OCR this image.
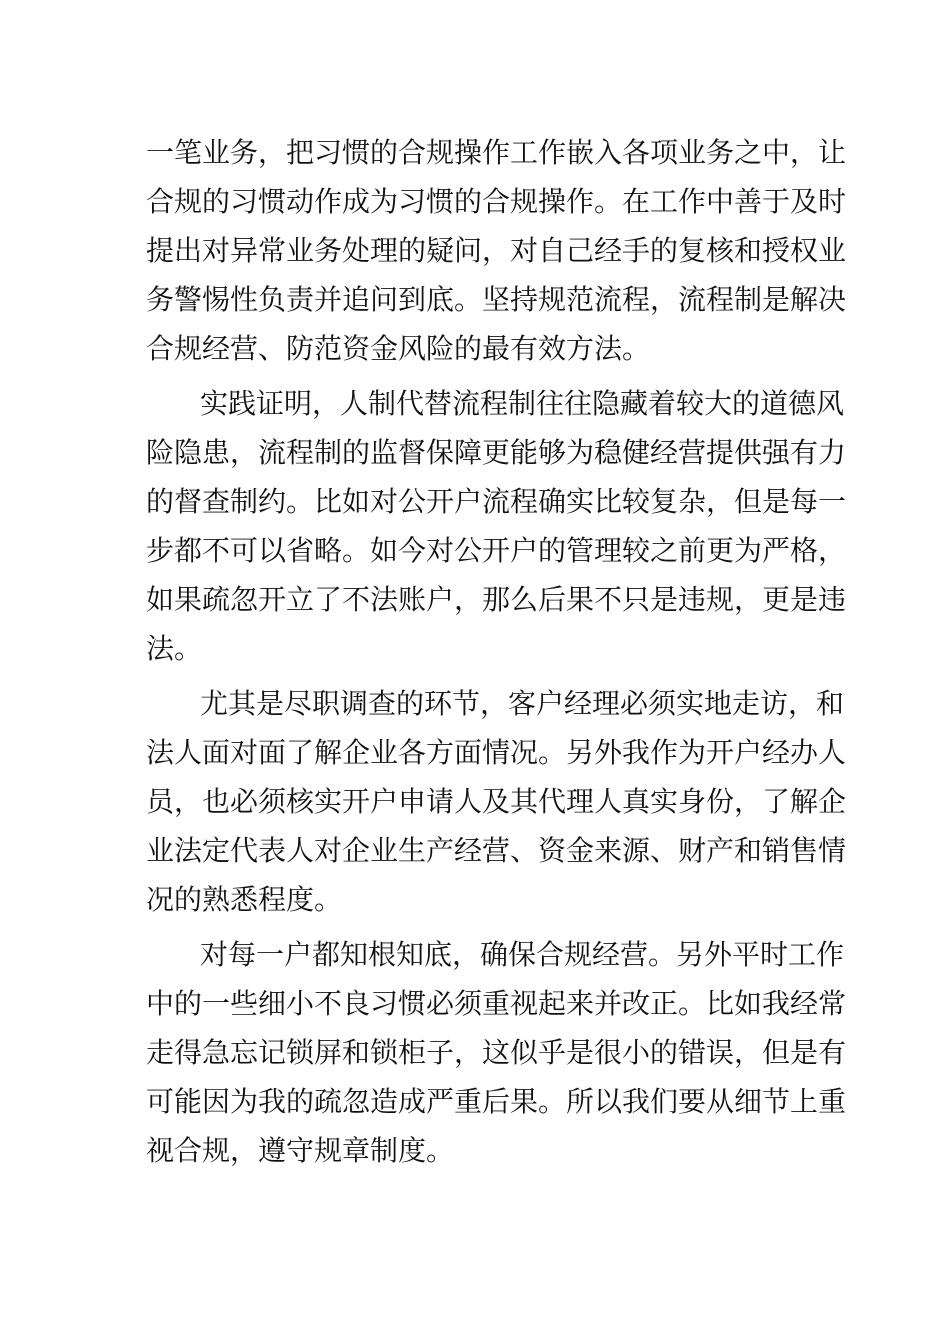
一笔业务，把习惯的合规操作工作嵌入各项业务之中，让
合规的习惯动作成为习惯的合规操作。在工作中善于及时
提出对异常业务处理的疑问，对自己经手的复核和授权业
务警惕性负责并追问到底。坚持规范流程，流程制是解决
合规经营、防范资金风险的最有效方法。
实践证明，人制代替流程制往往隐藏着较大的道德风
险隐患，流程制的监督保障更能够为稳健经营提供强有力
的督查制约。比如对公开户流程确实比较复杂，但是每一
步都不可以省略。如今对公开户的管理较之前更为严格，
如果疏忽开立了不法账户，那么后果不只是违规，更是违
法。
尤其是尽职调查的环节，客户经理必须实地走访，和
法人面对面了解企业各方面情况。另外我作为开户经办人
员，也必须核实开户申请人及其代理人真实身份，了解企
业法定代表人对企业生产经营、资金来源、财产和销售情
况的熟悉程度。
对每一户都知根知底，确保合规经营。另外平时工作
中的一些细小不良习惯必须重视起来并改正。比如我经常
走得急忘记锁屏和锁柜子，这似乎是很小的错误，但是有
可能因为我的疏忽造成严重后果。所以我们要从细节上重
视合规，遵守规章制度。
